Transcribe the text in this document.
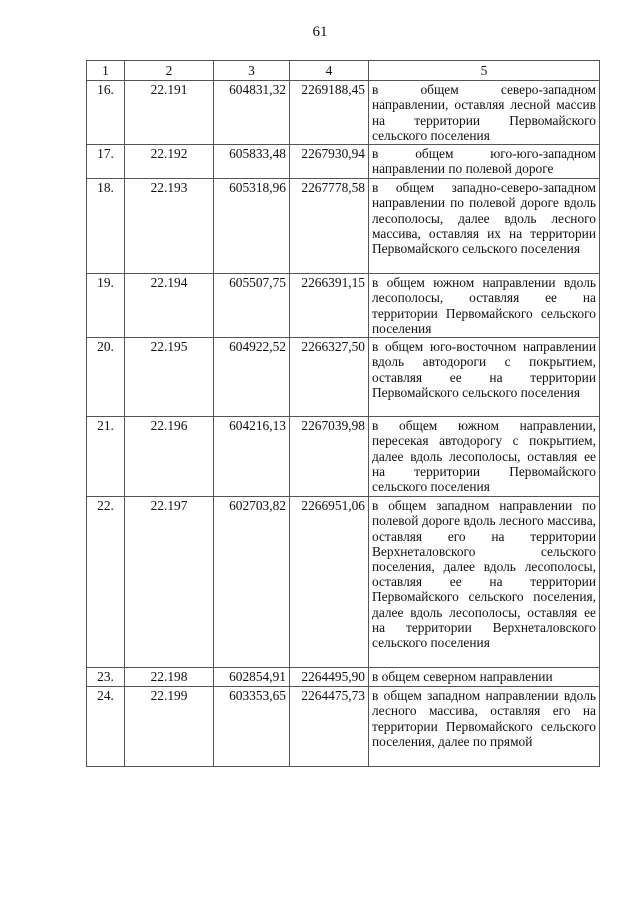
61
1	2	3	4	5
16.	22.191	604831,32	2269188,45	в общем северо-западном направлении, оставляя лесной массив на территории Первомайского сельского поселения
17.	22.192	605833,48	2267930,94	в общем юго-юго-западном направлении по полевой дороге
18.	22.193	605318,96	2267778,58	в общем западно-северо-западном направлении по полевой дороге вдоль лесополосы, далее вдоль лесного массива, оставляя их на территории Первомайского сельского поселения
19.	22.194	605507,75	2266391,15	в общем южном направлении вдоль лесополосы, оставляя ее на территории Первомайского сельского поселения
20.	22.195	604922,52	2266327,50	в общем юго-восточном направлении вдоль автодороги с покрытием, оставляя ее на территории Первомайского сельского поселения
21.	22.196	604216,13	2267039,98	в общем южном направлении, пересекая автодорогу с покрытием, далее вдоль лесополосы, оставляя ее на территории Первомайского сельского поселения
22.	22.197	602703,82	2266951,06	в общем западном направлении по полевой дороге вдоль лесного массива, оставляя его на территории Верхнеталовского сельского поселения, далее вдоль лесополосы, оставляя ее на территории Первомайского сельского поселения, далее вдоль лесополосы, оставляя ее на территории Верхнеталовского сельского поселения
23.	22.198	602854,91	2264495,90	в общем северном направлении
24.	22.199	603353,65	2264475,73	в общем западном направлении вдоль лесного массива, оставляя его на территории Первомайского сельского поселения, далее по прямой
